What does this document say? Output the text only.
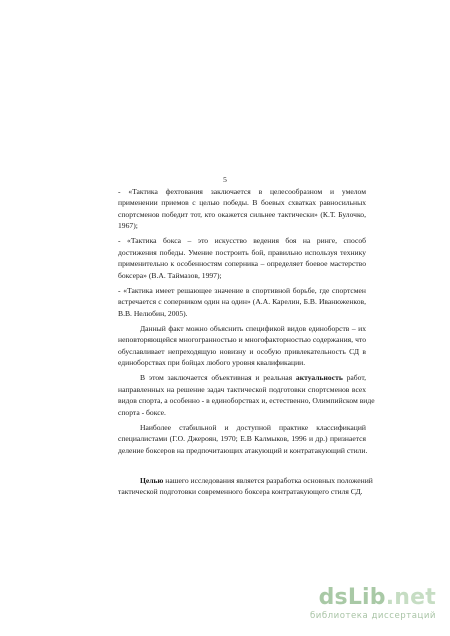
5

- «Тактика фехтования заключается в целесообразном и умелом
применении приемов с целью победы. В боевых схватках равносильных
спортсменов победит тот, кто окажется сильнее тактически» (К.Т. Булочко,
1967);

- «Тактика бокса – это искусство ведения боя на ринге, способ
достижения победы. Умение построить бой, правильно используя технику
применительно к особенностям соперника – определяет боевое мастерство
боксера» (В.А. Таймазов, 1997);

- «Тактика имеет решающее значение в спортивной борьбе, где спортсмен
встречается с соперником один на один» (А.А. Карелин, Б.В. Иванюженков,
В.В. Нелюбин, 2005).

Данный факт можно объяснить спецификой видов единоборств – их
неповторяющейся многогранностью и многофакторностью содержания, что
обуславливает непреходящую новизну и особую привлекательность СД в
единоборствах при бойцах любого уровня квалификации.

В этом заключается объективная и реальная актуальность работ,
направленных на решение задач тактической подготовки спортсменов всех
видов спорта, а особенно - в единоборствах и, естественно, Олимпийском виде
спорта - боксе.

Наиболее стабильной и доступной практике классификаций
специалистами (Г.О. Джероян, 1970; Е.В Калмыков, 1996 и др.) признается
деление боксеров на предпочитающих атакующий и контратакующий стили.

Целью нашего исследования является разработка основных положений
тактической подготовки современного боксера контратакующего стиля СД.

dsLib.net
библиотека диссертаций
